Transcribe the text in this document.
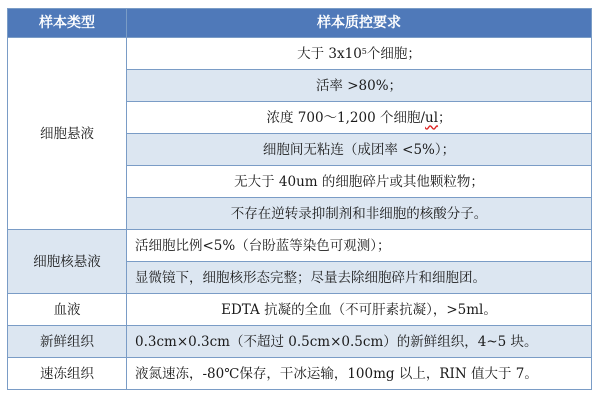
样本类型	样本质控要求
细胞悬液	大于 $3x10^5$个细胞；
	活率 >80%；
	浓度 700～1,200 个细胞/ul；
	细胞间无粘连（成团率 <5%）；
	无大于 40um 的细胞碎片或其他颗粒物；
	不存在逆转录抑制剂和非细胞的核酸分子。
细胞核悬液	活细胞比例<5%（台盼蓝等染色可观测）；
	显微镜下，细胞核形态完整；尽量去除细胞碎片和细胞团。
血液	EDTA 抗凝的全血（不可肝素抗凝），>5ml。
新鲜组织	0.3cm×0.3cm（不超过 0.5cm×0.5cm）的新鲜组织，4~5 块。
速冻组织	液氮速冻，-80℃保存，干冰运输，100mg 以上，RIN 值大于 7。
